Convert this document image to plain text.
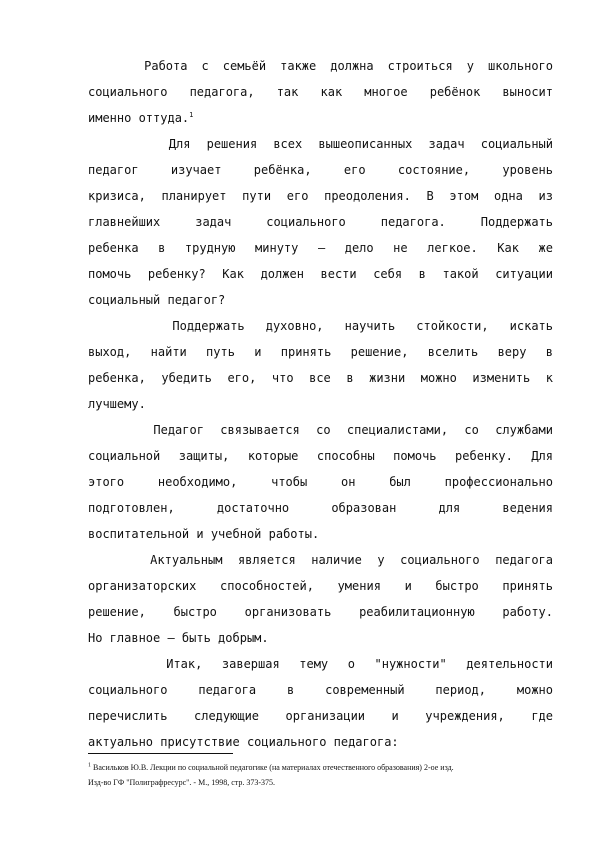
Работа с семьёй также должна строиться у школьного
социального педагога, так как многое ребёнок выносит
именно оттуда.$^1$
Для решения всех вышеописанных задач социальный
педагог изучает ребёнка, его состояние, уровень
кризиса, планирует пути его преодоления. В этом одна из
главнейших задач социального педагога. Поддержать
ребенка в трудную минуту – дело не легкое. Как же
помочь ребенку? Как должен вести себя в такой ситуации
социальный педагог?
Поддержать духовно, научить стойкости, искать
выход, найти путь и принять решение, вселить веру в
ребенка, убедить его, что все в жизни можно изменить к
лучшему.
Педагог связывается со специалистами, со службами
социальной защиты, которые способны помочь ребенку. Для
этого необходимо, чтобы он был профессионально
подготовлен, достаточно образован для ведения
воспитательной и учебной работы.
Актуальным является наличие у социального педагога
организаторских способностей, умения и быстро принять
решение, быстро организовать реабилитационную работу.
Но главное – быть добрым.
Итак, завершая тему о "нужности" деятельности
социального педагога в современный период, можно
перечислить следующие организации и учреждения, где
актуально присутствие социального педагога:
$^1$ Васильков Ю.В. Лекции по социальной педагогике (на материалах отечественного образования) 2-ое изд.
Изд-во ГФ "Полиграфресурс". - М., 1998, стр. 373-375.
